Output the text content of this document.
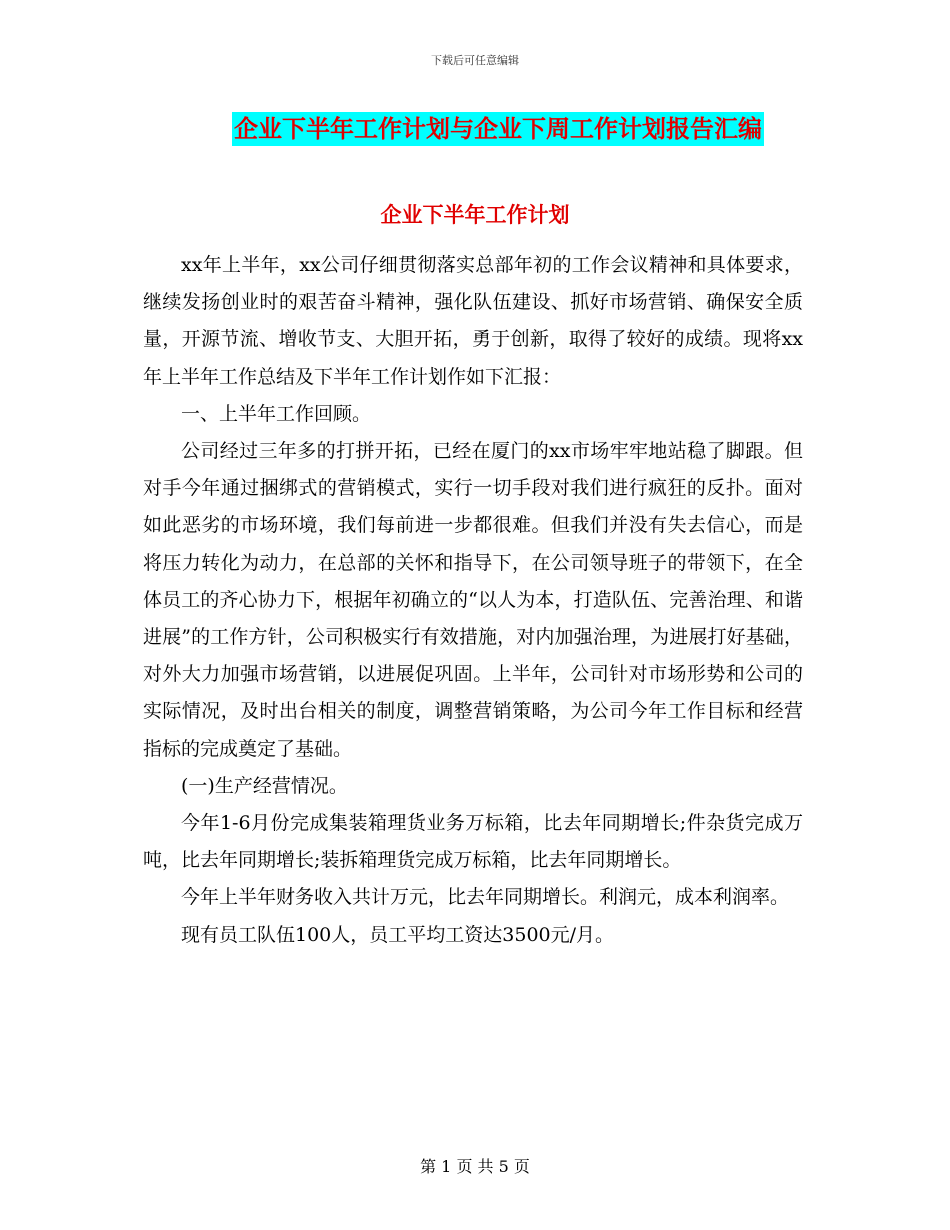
下载后可任意编辑
企业下半年工作计划与企业下周工作计划报告汇编
企业下半年工作计划

xx年上半年，xx公司仔细贯彻落实总部年初的工作会议精神和具体要求，继续发扬创业时的艰苦奋斗精神，强化队伍建设、抓好市场营销、确保安全质量，开源节流、增收节支、大胆开拓，勇于创新，取得了较好的成绩。现将xx年上半年工作总结及下半年工作计划作如下汇报：

一、上半年工作回顾。

公司经过三年多的打拼开拓，已经在厦门的xx市场牢牢地站稳了脚跟。但对手今年通过捆绑式的营销模式，实行一切手段对我们进行疯狂的反扑。面对如此恶劣的市场环境，我们每前进一步都很难。但我们并没有失去信心，而是将压力转化为动力，在总部的关怀和指导下，在公司领导班子的带领下，在全体员工的齐心协力下，根据年初确立的“以人为本，打造队伍、完善治理、和谐进展”的工作方针，公司积极实行有效措施，对内加强治理，为进展打好基础，对外大力加强市场营销，以进展促巩固。上半年，公司针对市场形势和公司的实际情况，及时出台相关的制度，调整营销策略，为公司今年工作目标和经营指标的完成奠定了基础。

(一)生产经营情况。

今年1-6月份完成集装箱理货业务万标箱，比去年同期增长;件杂货完成万吨，比去年同期增长;装拆箱理货完成万标箱，比去年同期增长。

今年上半年财务收入共计万元，比去年同期增长。利润元，成本利润率。

现有员工队伍100人，员工平均工资达3500元/月。

第 1 页 共 5 页
